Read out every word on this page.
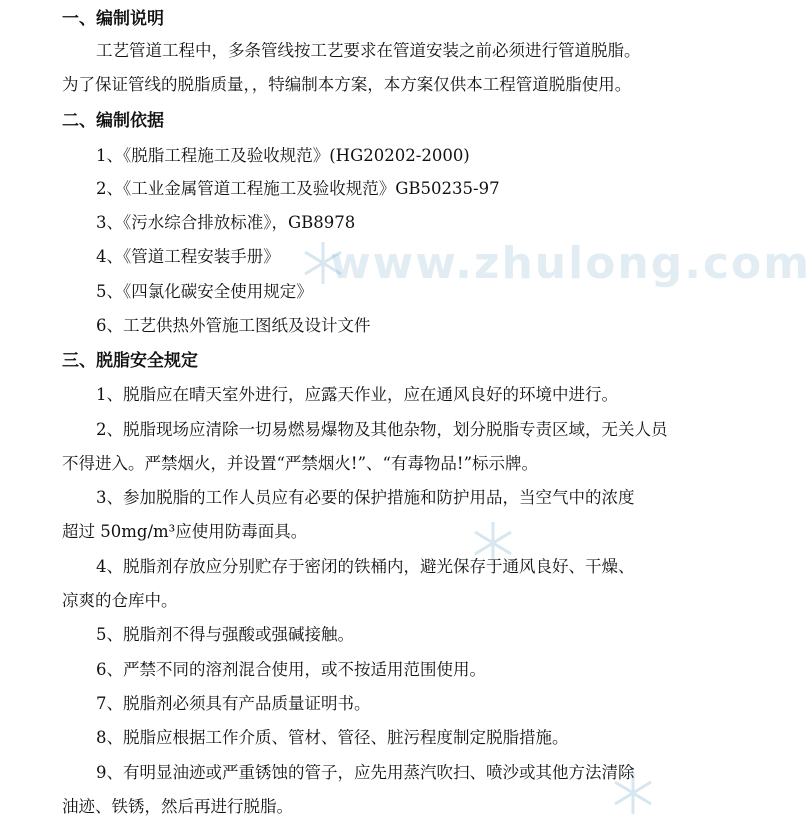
www.zhulong.com
一、编制说明
工艺管道工程中，多条管线按工艺要求在管道安装之前必须进行管道脱脂。
为了保证管线的脱脂质量，，特编制本方案，本方案仅供本工程管道脱脂使用。
二、编制依据
1、《脱脂工程施工及验收规范》(HG20202-2000)
2、《工业金属管道工程施工及验收规范》GB50235-97
3、《污水综合排放标准》，GB8978
4、《管道工程安装手册》
5、《四氯化碳安全使用规定》
6、工艺供热外管施工图纸及设计文件
三、脱脂安全规定
1、脱脂应在晴天室外进行，应露天作业，应在通风良好的环境中进行。
2、脱脂现场应清除一切易燃易爆物及其他杂物，划分脱脂专责区域，无关人员
不得进入。严禁烟火，并设置“严禁烟火!”、“有毒物品!”标示牌。
3、参加脱脂的工作人员应有必要的保护措施和防护用品，当空气中的浓度
超过 50mg/m³应使用防毒面具。
4、脱脂剂存放应分别贮存于密闭的铁桶内，避光保存于通风良好、干燥、
凉爽的仓库中。
5、脱脂剂不得与强酸或强碱接触。
6、严禁不同的溶剂混合使用，或不按适用范围使用。
7、脱脂剂必须具有产品质量证明书。
8、脱脂应根据工作介质、管材、管径、脏污程度制定脱脂措施。
9、有明显油迹或严重锈蚀的管子，应先用蒸汽吹扫、喷沙或其他方法清除
油迹、铁锈，然后再进行脱脂。
